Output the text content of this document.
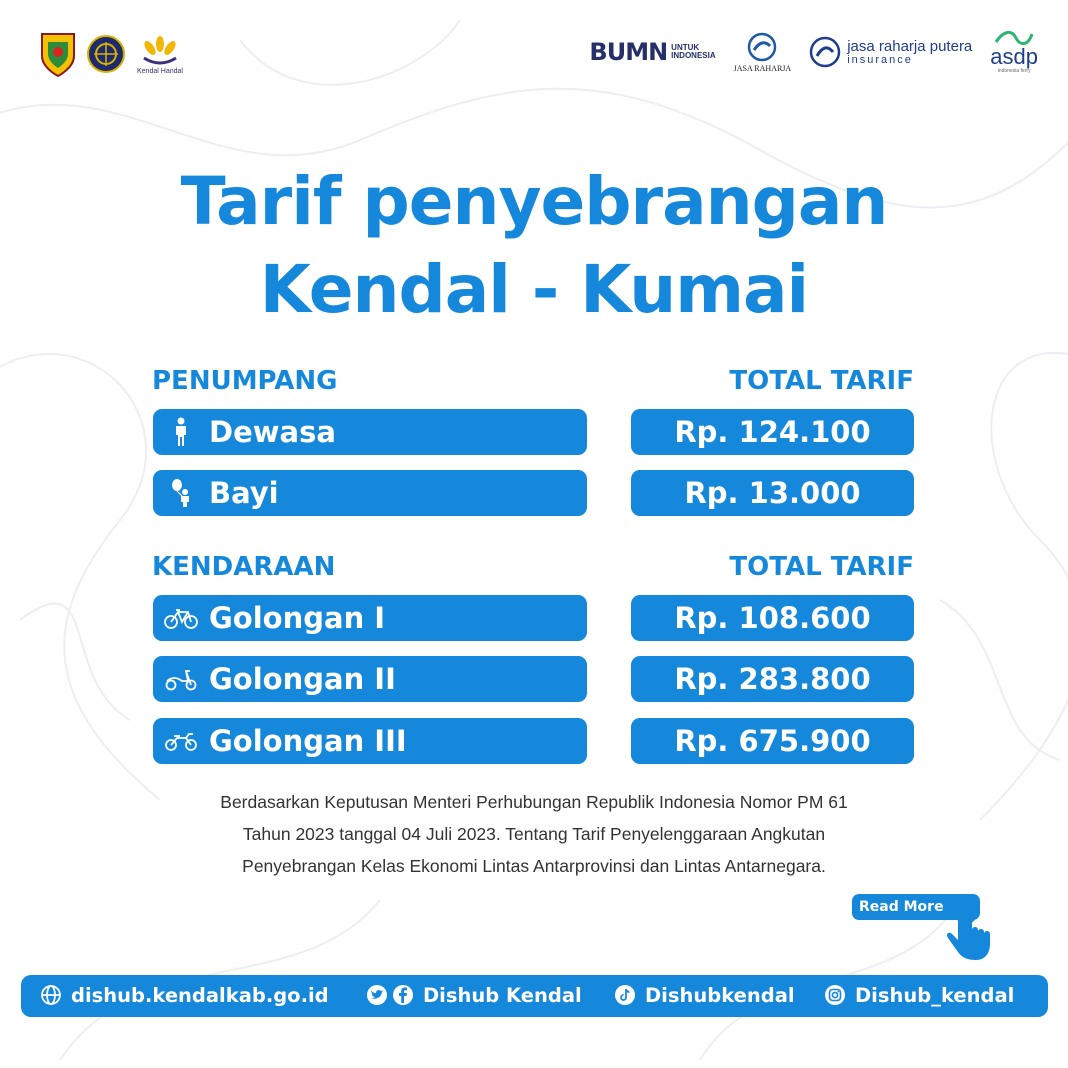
Kendal Handal
BUMN UNTUK
INDONESIA
JASA RAHARJA
jasa raharja putera
insurance	asdp
indonesia ferry
Tarif penyebrangan
Kendal - Kumai
PENUMPANG	TOTAL TARIF
Dewasa	Rp. 124.100
Bayi	Rp. 13.000
KENDARAAN	TOTAL TARIF
Golongan I	Rp. 108.600
Golongan II	Rp. 283.800
Golongan III	Rp. 675.900
Berdasarkan Keputusan Menteri Perhubungan Republik Indonesia Nomor PM 61
Tahun 2023 tanggal 04 Juli 2023. Tentang Tarif Penyelenggaraan Angkutan
Penyebrangan Kelas Ekonomi Lintas Antarprovinsi dan Lintas Antarnegara.
Read More
dishub.kendalkab.go.id	Dishub Kendal	Dishubkendal	Dishub_kendal
